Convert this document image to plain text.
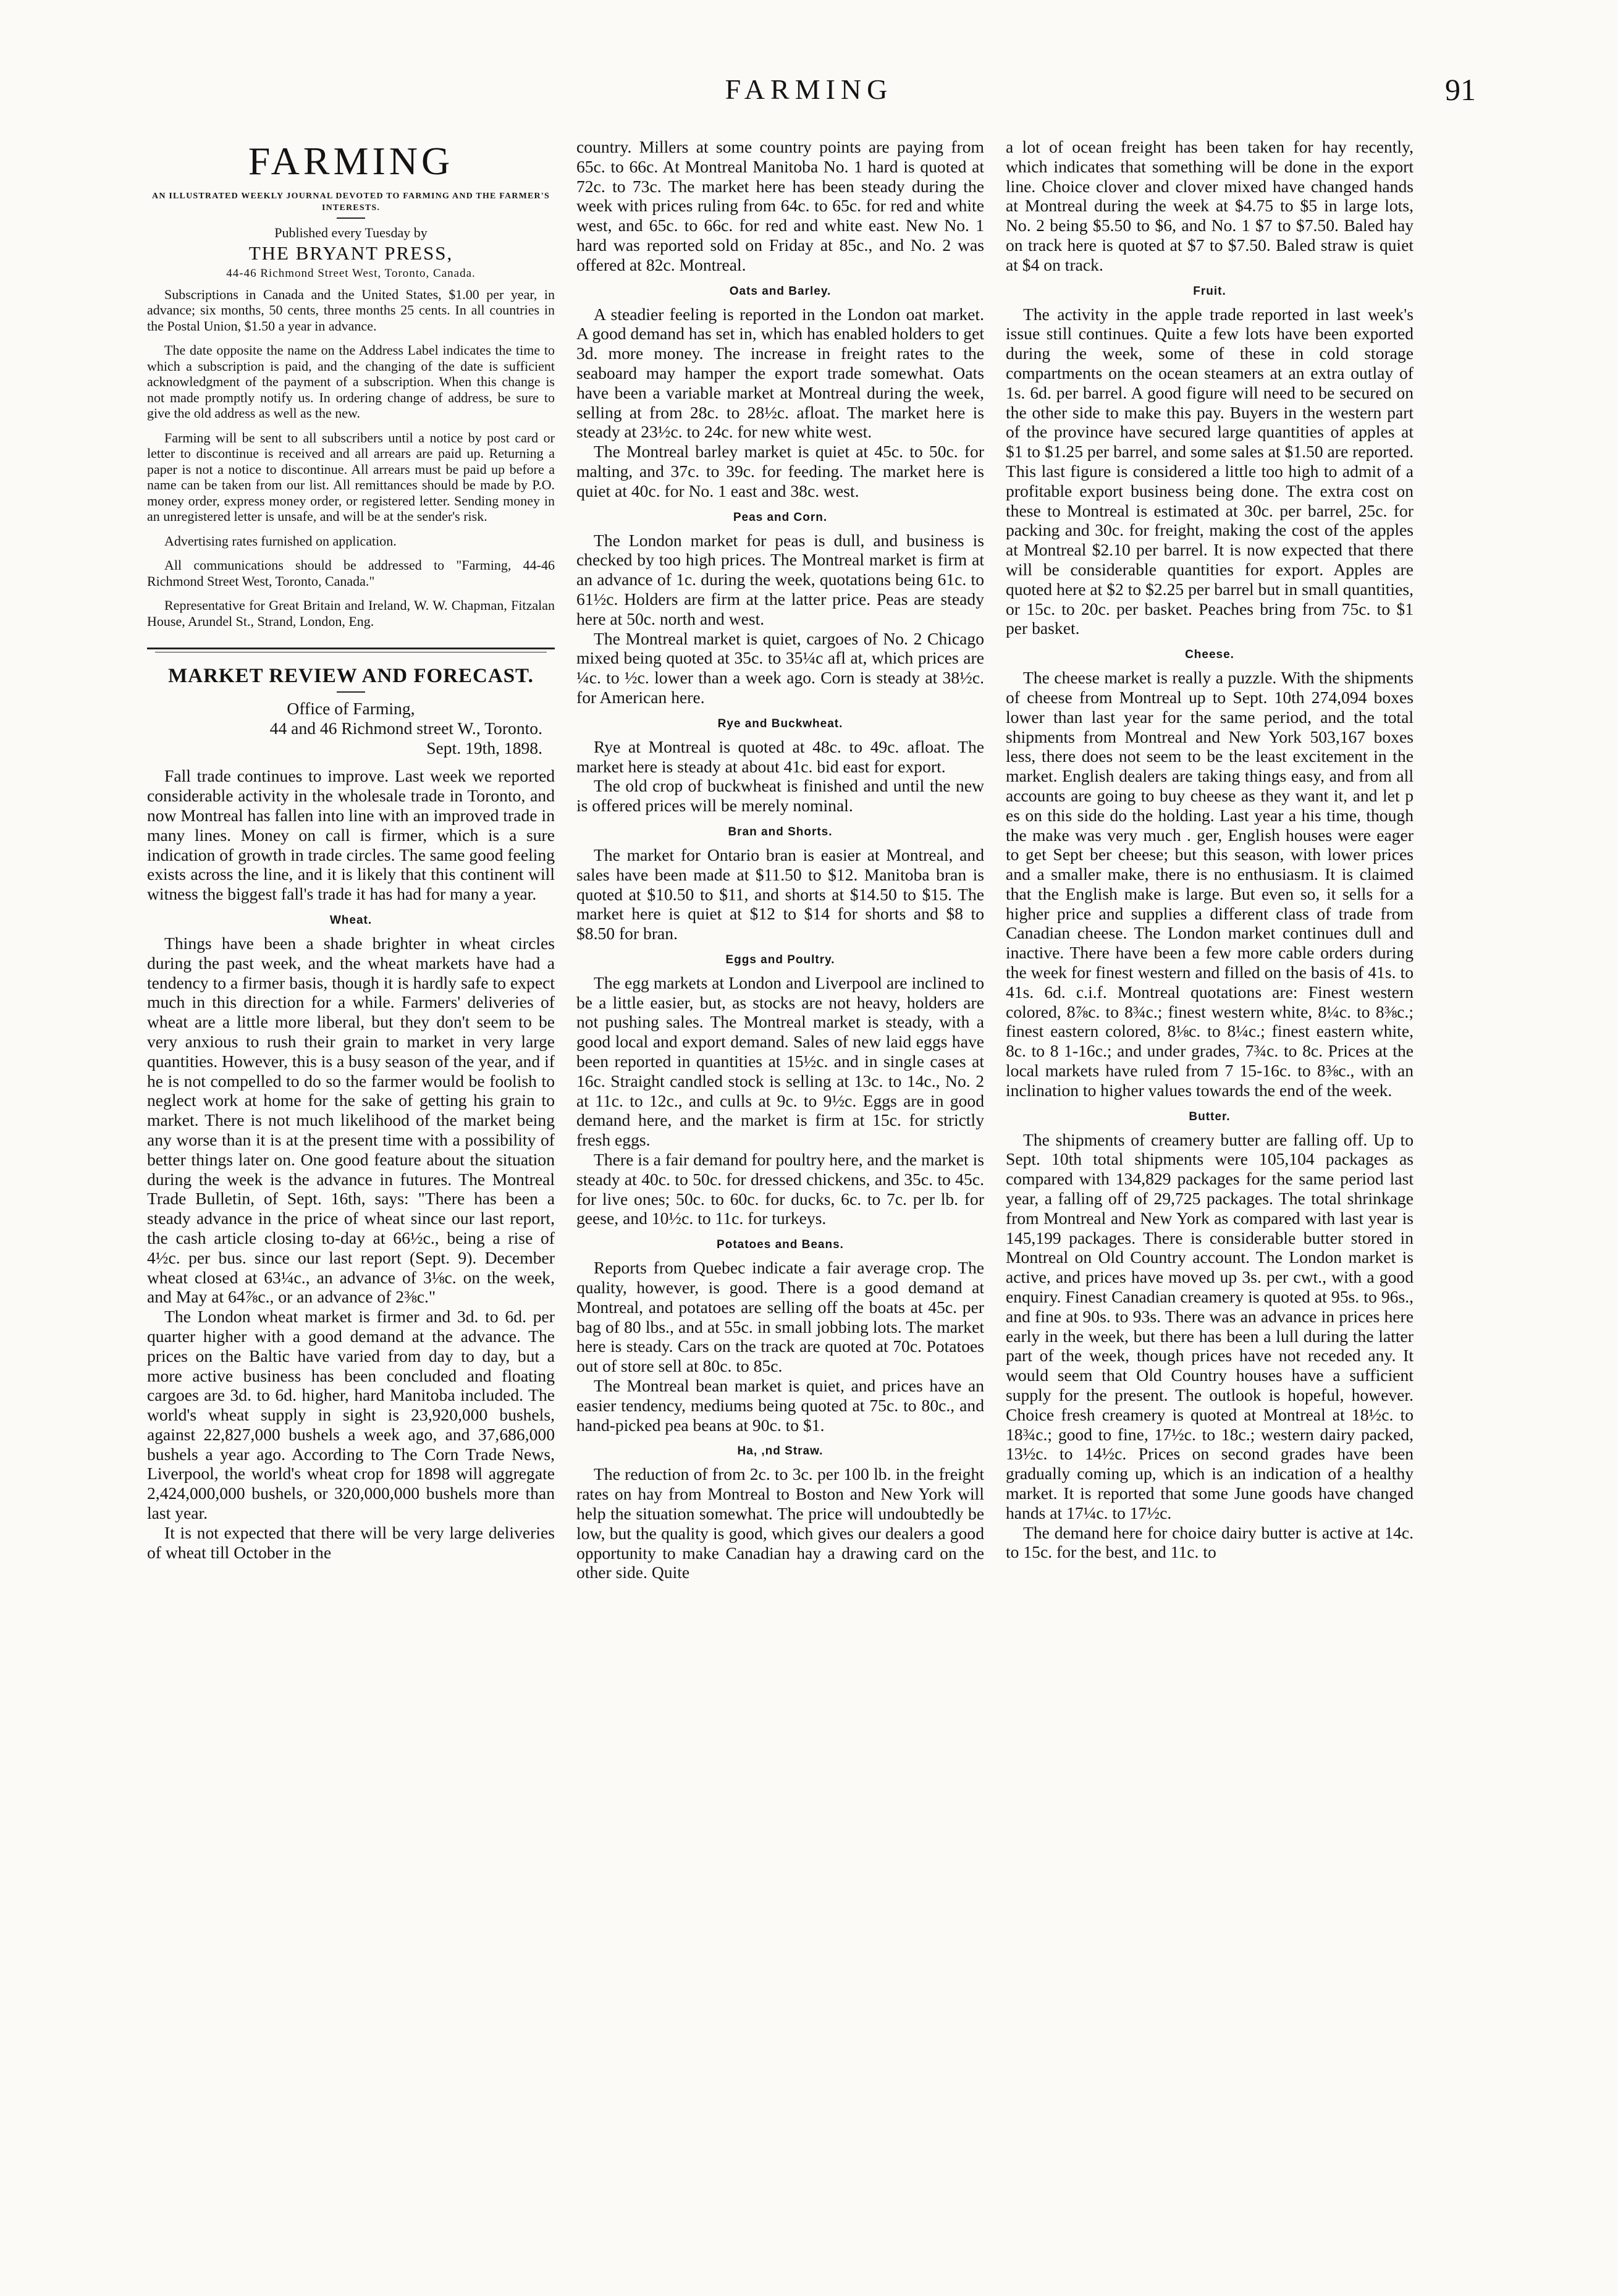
FARMING	91
FARMING
AN ILLUSTRATED WEEKLY JOURNAL DEVOTED TO FARMING AND THE FARMER'S INTERESTS.

Published every Tuesday by

THE BRYANT PRESS,
44-46 Richmond Street West, Toronto, Canada.

Subscriptions in Canada and the United States, $1.00 per year, in advance; six months, 50 cents, three months 25 cents. In all countries in the Postal Union, $1.50 a year in advance.

The date opposite the name on the Address Label indicates the time to which a subscription is paid, and the changing of the date is sufficient acknowledgment of the payment of a subscription. When this change is not made promptly notify us. In ordering change of address, be sure to give the old address as well as the new.

Farming will be sent to all subscribers until a notice by post card or letter to discontinue is received and all arrears are paid up. Returning a paper is not a notice to discontinue. All arrears must be paid up before a name can be taken from our list. All remittances should be made by P.O. money order, express money order, or registered letter. Sending money in an unregistered letter is unsafe, and will be at the sender's risk.

Advertising rates furnished on application.

All communications should be addressed to "Farming, 44-46 Richmond Street West, Toronto, Canada."

Representative for Great Britain and Ireland, W. W. Chapman, Fitzalan House, Arundel St., Strand, London, Eng.

MARKET REVIEW AND FORECAST.

Office of Farming,

44 and 46 Richmond street W., Toronto.

Sept. 19th, 1898.

Fall trade continues to improve. Last week we reported considerable activity in the wholesale trade in Toronto, and now Montreal has fallen into line with an improved trade in many lines. Money on call is firmer, which is a sure indication of growth in trade circles. The same good feeling exists across the line, and it is likely that this continent will witness the biggest fall's trade it has had for many a year.

Wheat.

Things have been a shade brighter in wheat circles during the past week, and the wheat markets have had a tendency to a firmer basis, though it is hardly safe to expect much in this direction for a while. Farmers' deliveries of wheat are a little more liberal, but they don't seem to be very anxious to rush their grain to market in very large quantities. However, this is a busy season of the year, and if he is not compelled to do so the farmer would be foolish to neglect work at home for the sake of getting his grain to market. There is not much likelihood of the market being any worse than it is at the present time with a possibility of better things later on. One good feature about the situation during the week is the advance in futures. The Montreal Trade Bulletin, of Sept. 16th, says: "There has been a steady advance in the price of wheat since our last report, the cash article closing to-day at 66½c., being a rise of 4½c. per bus. since our last report (Sept. 9). December wheat closed at 63¼c., an advance of 3⅛c. on the week, and May at 64⅞c., or an advance of 2⅜c."

The London wheat market is firmer and 3d. to 6d. per quarter higher with a good demand at the advance. The prices on the Baltic have varied from day to day, but a more active business has been concluded and floating cargoes are 3d. to 6d. higher, hard Manitoba included. The world's wheat supply in sight is 23,920,000 bushels, against 22,827,000 bushels a week ago, and 37,686,000 bushels a year ago. According to The Corn Trade News, Liverpool, the world's wheat crop for 1898 will aggregate 2,424,000,000 bushels, or 320,000,000 bushels more than last year.

It is not expected that there will be very large deliveries of wheat till October in the

country. Millers at some country points are paying from 65c. to 66c. At Montreal Manitoba No. 1 hard is quoted at 72c. to 73c. The market here has been steady during the week with prices ruling from 64c. to 65c. for red and white west, and 65c. to 66c. for red and white east. New No. 1 hard was reported sold on Friday at 85c., and No. 2 was offered at 82c. Montreal.

Oats and Barley.

A steadier feeling is reported in the London oat market. A good demand has set in, which has enabled holders to get 3d. more money. The increase in freight rates to the seaboard may hamper the export trade somewhat. Oats have been a variable market at Montreal during the week, selling at from 28c. to 28½c. afloat. The market here is steady at 23½c. to 24c. for new white west.

The Montreal barley market is quiet at 45c. to 50c. for malting, and 37c. to 39c. for feeding. The market here is quiet at 40c. for No. 1 east and 38c. west.

Peas and Corn.

The London market for peas is dull, and business is checked by too high prices. The Montreal market is firm at an advance of 1c. during the week, quotations being 61c. to 61½c. Holders are firm at the latter price. Peas are steady here at 50c. north and west.

The Montreal market is quiet, cargoes of No. 2 Chicago mixed being quoted at 35c. to 35¼c afl at, which prices are ¼c. to ½c. lower than a week ago. Corn is steady at 38½c. for American here.

Rye and Buckwheat.

Rye at Montreal is quoted at 48c. to 49c. afloat. The market here is steady at about 41c. bid east for export.

The old crop of buckwheat is finished and until the new is offered prices will be merely nominal.

Bran and Shorts.

The market for Ontario bran is easier at Montreal, and sales have been made at $11.50 to $12. Manitoba bran is quoted at $10.50 to $11, and shorts at $14.50 to $15. The market here is quiet at $12 to $14 for shorts and $8 to $8.50 for bran.

Eggs and Poultry.

The egg markets at London and Liverpool are inclined to be a little easier, but, as stocks are not heavy, holders are not pushing sales. The Montreal market is steady, with a good local and export demand. Sales of new laid eggs have been reported in quantities at 15½c. and in single cases at 16c. Straight candled stock is selling at 13c. to 14c., No. 2 at 11c. to 12c., and culls at 9c. to 9½c. Eggs are in good demand here, and the market is firm at 15c. for strictly fresh eggs.

There is a fair demand for poultry here, and the market is steady at 40c. to 50c. for dressed chickens, and 35c. to 45c. for live ones; 50c. to 60c. for ducks, 6c. to 7c. per lb. for geese, and 10½c. to 11c. for turkeys.

Potatoes and Beans.

Reports from Quebec indicate a fair average crop. The quality, however, is good. There is a good demand at Montreal, and potatoes are selling off the boats at 45c. per bag of 80 lbs., and at 55c. in small jobbing lots. The market here is steady. Cars on the track are quoted at 70c. Potatoes out of store sell at 80c. to 85c.

The Montreal bean market is quiet, and prices have an easier tendency, mediums being quoted at 75c. to 80c., and hand-picked pea beans at 90c. to $1.

Ha, ,nd Straw.

The reduction of from 2c. to 3c. per 100 lb. in the freight rates on hay from Montreal to Boston and New York will help the situation somewhat. The price will undoubtedly be low, but the quality is good, which gives our dealers a good opportunity to make Canadian hay a drawing card on the other side. Quite

a lot of ocean freight has been taken for hay recently, which indicates that something will be done in the export line. Choice clover and clover mixed have changed hands at Montreal during the week at $4.75 to $5 in large lots, No. 2 being $5.50 to $6, and No. 1 $7 to $7.50. Baled hay on track here is quoted at $7 to $7.50. Baled straw is quiet at $4 on track.

Fruit.

The activity in the apple trade reported in last week's issue still continues. Quite a few lots have been exported during the week, some of these in cold storage compartments on the ocean steamers at an extra outlay of 1s. 6d. per barrel. A good figure will need to be secured on the other side to make this pay. Buyers in the western part of the province have secured large quantities of apples at $1 to $1.25 per barrel, and some sales at $1.50 are reported. This last figure is considered a little too high to admit of a profitable export business being done. The extra cost on these to Montreal is estimated at 30c. per barrel, 25c. for packing and 30c. for freight, making the cost of the apples at Montreal $2.10 per barrel. It is now expected that there will be considerable quantities for export. Apples are quoted here at $2 to $2.25 per barrel but in small quantities, or 15c. to 20c. per basket. Peaches bring from 75c. to $1 per basket.

Cheese.

The cheese market is really a puzzle. With the shipments of cheese from Montreal up to Sept. 10th 274,094 boxes lower than last year for the same period, and the total shipments from Montreal and New York 503,167 boxes less, there does not seem to be the least excitement in the market. English dealers are taking things easy, and from all accounts are going to buy cheese as they want it, and let p es on this side do the holding. Last year a his time, though the make was very much . ger, English houses were eager to get Sept ber cheese; but this season, with lower prices and a smaller make, there is no enthusiasm. It is claimed that the English make is large. But even so, it sells for a higher price and supplies a different class of trade from Canadian cheese. The London market continues dull and inactive. There have been a few more cable orders during the week for finest western and filled on the basis of 41s. to 41s. 6d. c.i.f. Montreal quotations are: Finest western colored, 8⅞c. to 8¾c.; finest western white, 8¼c. to 8⅜c.; finest eastern colored, 8⅛c. to 8¼c.; finest eastern white, 8c. to 8 1-16c.; and under grades, 7¾c. to 8c. Prices at the local markets have ruled from 7 15-16c. to 8⅜c., with an inclination to higher values towards the end of the week.

Butter.

The shipments of creamery butter are falling off. Up to Sept. 10th total shipments were 105,104 packages as compared with 134,829 packages for the same period last year, a falling off of 29,725 packages. The total shrinkage from Montreal and New York as compared with last year is 145,199 packages. There is considerable butter stored in Montreal on Old Country account. The London market is active, and prices have moved up 3s. per cwt., with a good enquiry. Finest Canadian creamery is quoted at 95s. to 96s., and fine at 90s. to 93s. There was an advance in prices here early in the week, but there has been a lull during the latter part of the week, though prices have not receded any. It would seem that Old Country houses have a sufficient supply for the present. The outlook is hopeful, however. Choice fresh creamery is quoted at Montreal at 18½c. to 18¾c.; good to fine, 17½c. to 18c.; western dairy packed, 13½c. to 14½c. Prices on second grades have been gradually coming up, which is an indication of a healthy market. It is reported that some June goods have changed hands at 17¼c. to 17½c.

The demand here for choice dairy butter is active at 14c. to 15c. for the best, and 11c. to
